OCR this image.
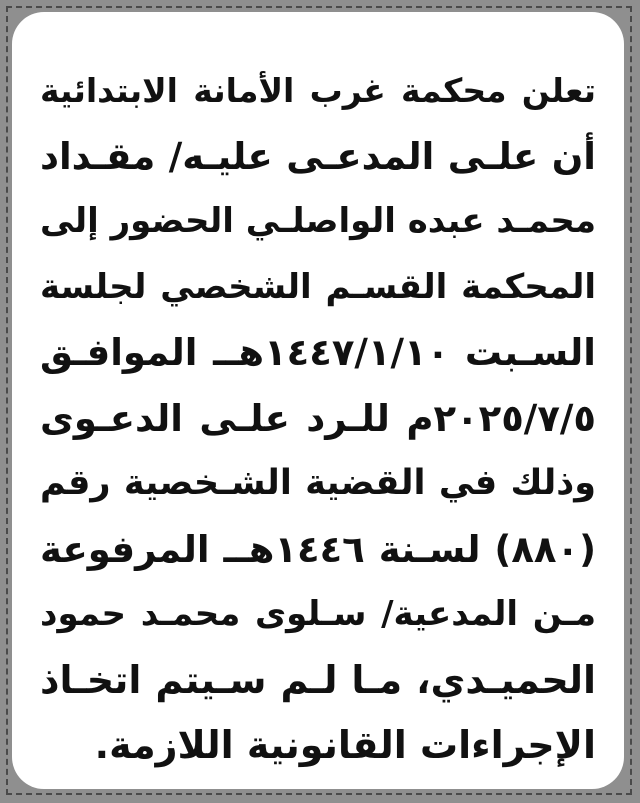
تعلن محكمة غرب الأمانة الابتدائية
أن علـى المدعـى عليـه/ مقـداد
محمـد عبده الواصلـي الحضور إلى
المحكمة القسـم الشخصي لجلسة
السـبت ١٤٤٧/١/١٠هــ الموافـق
٢٠٢٥/٧/٥م للـرد علـى الدعـوى
وذلك في القضية الشـخصية رقم
(٨٨٠) لسـنة ١٤٤٦هــ المرفوعة
مـن المدعية/ سـلوى محمـد حمود
الحميـدي، مـا لـم سـيتم اتخـاذ
الإجراءات القانونية اللازمة.
